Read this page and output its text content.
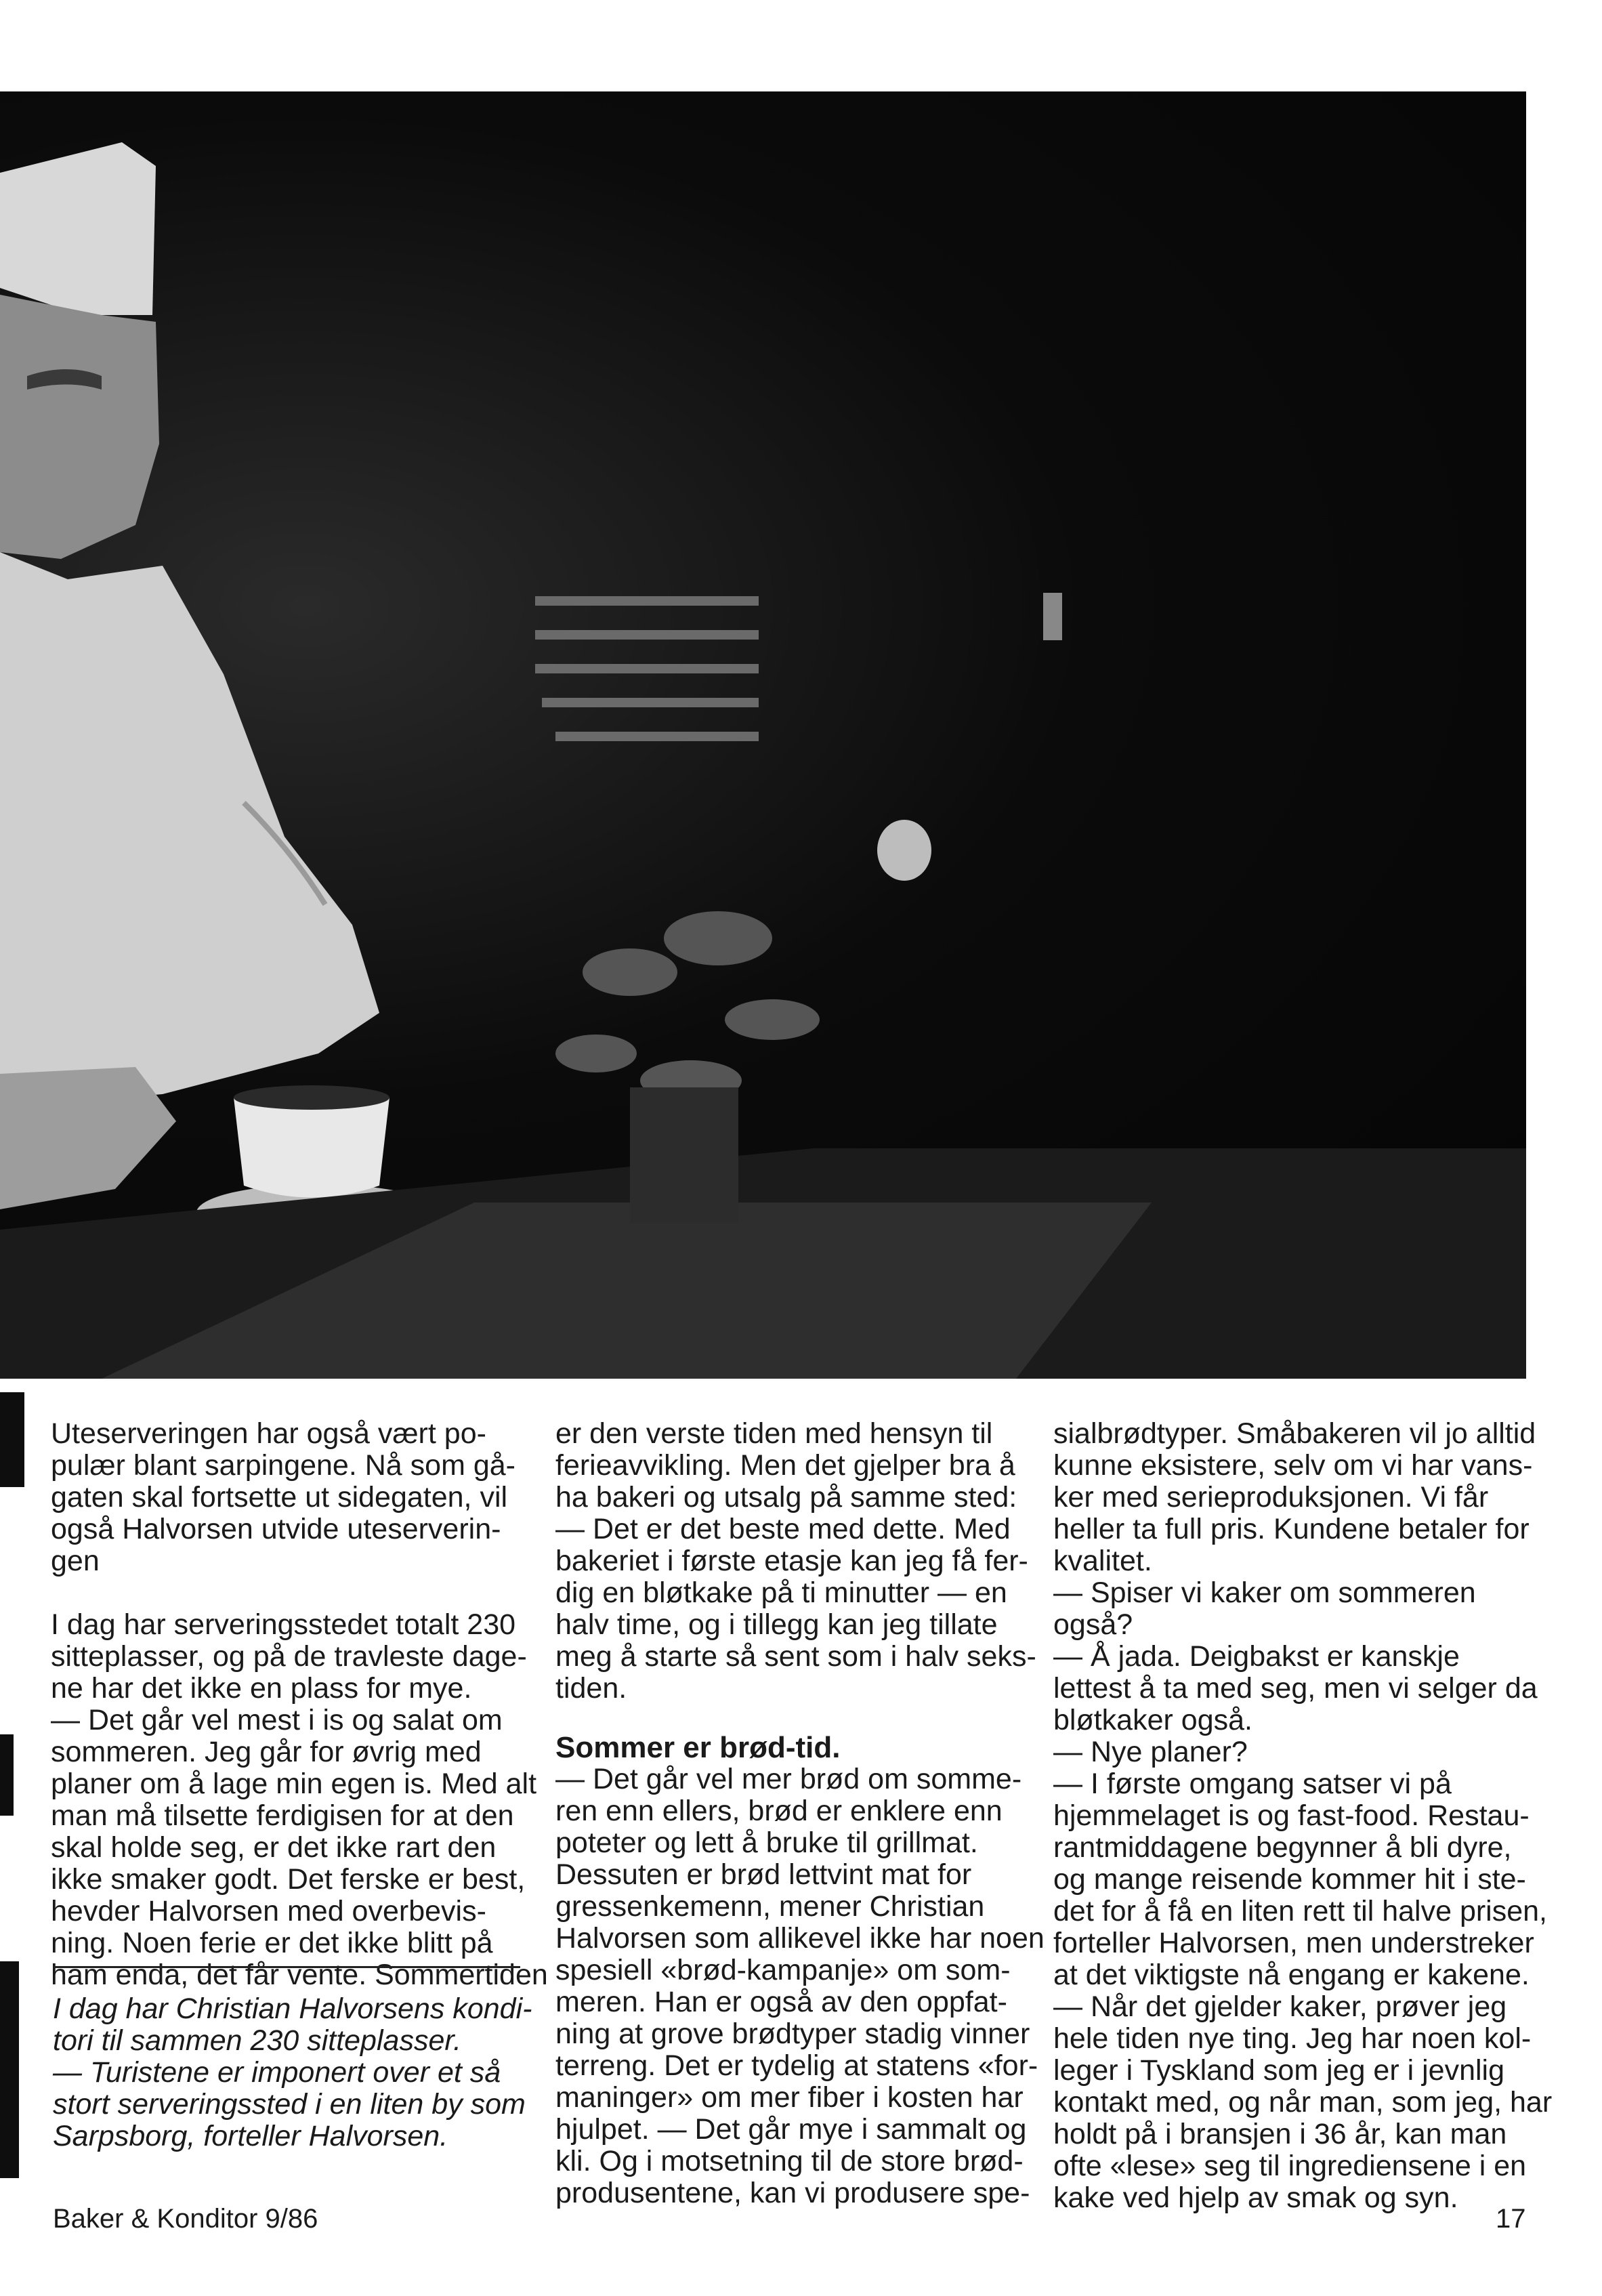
Uteserveringen har også vært po-

pulær blant sarpingene. Nå som gå-

gaten skal fortsette ut sidegaten, vil

også Halvorsen utvide uteserverin-

gen

I dag har serveringsstedet totalt 230

sitteplasser, og på de travleste dage-

ne har det ikke en plass for mye.

— Det går vel mest i is og salat om

sommeren. Jeg går for øvrig med

planer om å lage min egen is. Med alt

man må tilsette ferdigisen for at den

skal holde seg, er det ikke rart den

ikke smaker godt. Det ferske er best,

hevder Halvorsen med overbevis-

ning. Noen ferie er det ikke blitt på

ham enda, det får vente. Sommertiden

I dag har Christian Halvorsens kondi-

tori til sammen 230 sitteplasser.

— Turistene er imponert over et så

stort serveringssted i en liten by som

Sarpsborg, forteller Halvorsen.

er den verste tiden med hensyn til

ferieavvikling. Men det gjelper bra å

ha bakeri og utsalg på samme sted:

— Det er det beste med dette. Med

bakeriet i første etasje kan jeg få fer-

dig en bløtkake på ti minutter — en

halv time, og i tillegg kan jeg tillate

meg å starte så sent som i halv seks-

tiden.

Sommer er brød-tid.

— Det går vel mer brød om somme-

ren enn ellers, brød er enklere enn

poteter og lett å bruke til grillmat.

Dessuten er brød lettvint mat for

gressenkemenn, mener Christian

Halvorsen som allikevel ikke har noen

spesiell «brød-kampanje» om som-

meren. Han er også av den oppfat-

ning at grove brødtyper stadig vinner

terreng. Det er tydelig at statens «for-

maninger» om mer fiber i kosten har

hjulpet. — Det går mye i sammalt og

kli. Og i motsetning til de store brød-

produsentene, kan vi produsere spe-

sialbrødtyper. Småbakeren vil jo alltid

kunne eksistere, selv om vi har vans-

ker med serieproduksjonen. Vi får

heller ta full pris. Kundene betaler for

kvalitet.

— Spiser vi kaker om sommeren

også?

— Å jada. Deigbakst er kanskje

lettest å ta med seg, men vi selger da

bløtkaker også.

— Nye planer?

— I første omgang satser vi på

hjemmelaget is og fast-food. Restau-

rantmiddagene begynner å bli dyre,

og mange reisende kommer hit i ste-

det for å få en liten rett til halve prisen,

forteller Halvorsen, men understreker

at det viktigste nå engang er kakene.

— Når det gjelder kaker, prøver jeg

hele tiden nye ting. Jeg har noen kol-

leger i Tyskland som jeg er i jevnlig

kontakt med, og når man, som jeg, har

holdt på i bransjen i 36 år, kan man

ofte «lese» seg til ingrediensene i en

kake ved hjelp av smak og syn.

Baker & Konditor 9/86	17
